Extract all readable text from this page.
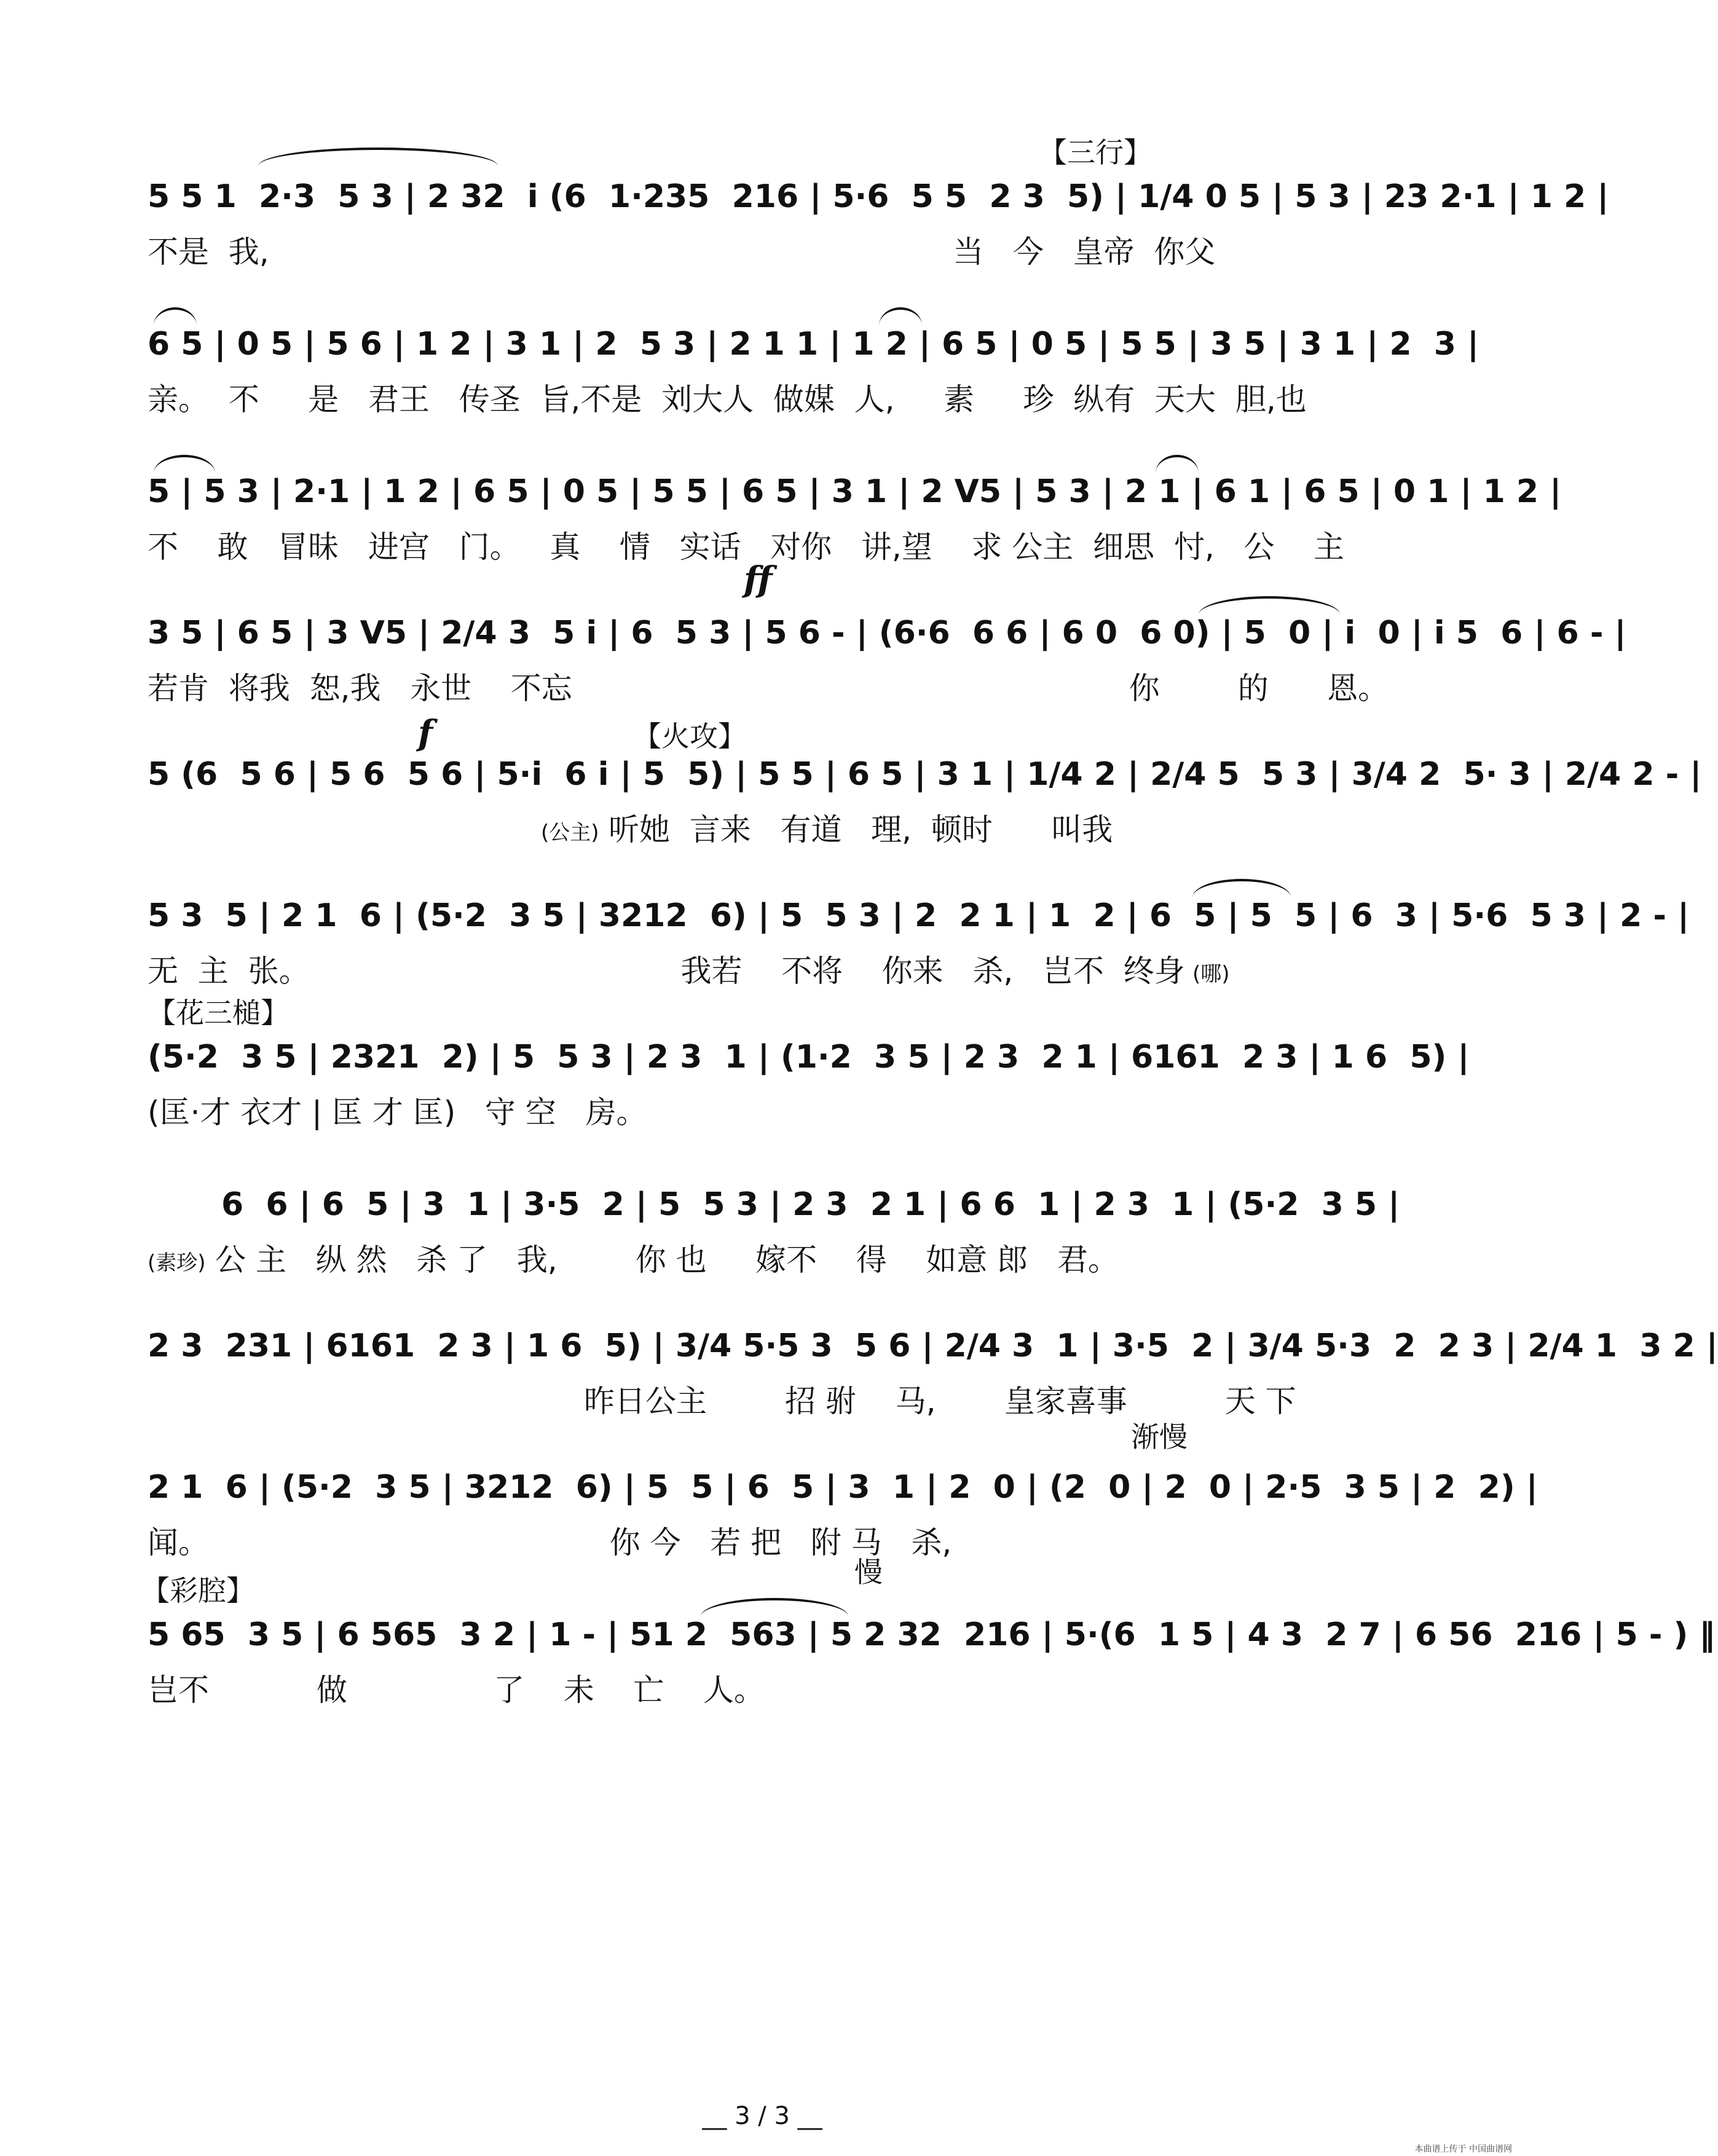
【三行】
5 5 1  2·3  5 3 | 2 32  i̇ (6  1·235  216 | 5·6  5 5  2 3  5) | 1/4 0 5 | 5 3 | 23 2·1 | 1 2 |
不是  我,                                                                      当   今   皇帝  你父
6 5 | 0 5 | 5 6 | 1 2 | 3 1 | 2  5 3 | 2 1 1 | 1 2 | 6 5 | 0 5 | 5 5 | 3 5 | 3 1 | 2  3 |
亲。  不     是   君王   传圣  旨,不是  刘大人  做媒  人,     素     珍  纵有  天大  胆,也
5 | 5 3 | 2·1 | 1 2 | 6 5 | 0 5 | 5 5 | 6 5 | 3 1 | 2 V5 | 5 3 | 2 1 | 6 1 | 6 5 | 0 1 | 1 2 |
不    敢   冒昧   进宫   门。   真    情   实话   对你   讲,望    求 公主  细思  忖,   公    主
ff
3 5 | 6 5 | 3 V5 | 2/4 3  5 i̇ | 6  5 3 | 5 6 - | (6·6  6 6 | 6 0  6 0) | 5  0 | i̇  0 | i̇ 5  6 | 6 - |
若肯  将我  恕,我   永世    不忘                                                         你        的      恩。
f	【火攻】
5 (6  5 6 | 5 6  5 6 | 5·i̇  6 i̇ | 5  5) | 5 5 | 6 5 | 3 1 | 1/4 2 | 2/4 5  5 3 | 3/4 2  5· 3 | 2/4 2 - |
(公主) 听她  言来   有道   理,  顿时      叫我
5 3  5 | 2 1  6 | (5·2  3 5 | 3212  6) | 5  5 3 | 2  2 1 | 1  2 | 6  5 | 5  5 | 6  3 | 5·6  5 3 | 2 - |
无  主  张。                                      我若    不将    你来   杀,   岂不  终身 (哪)
【花三槌】
(5·2  3 5 | 2321  2) | 5  5 3 | 2 3  1 | (1·2  3 5 | 2 3  2 1 | 6161  2 3 | 1 6  5) |
(匡·才 衣才 | 匡 才 匡)   守 空   房。
6  6 | 6  5 | 3  1 | 3·5  2 | 5  5 3 | 2 3  2 1 | 6 6  1 | 2 3  1 | (5·2  3 5 |
(素珍) 公 主   纵 然   杀 了   我,        你 也     嫁不    得    如意 郎   君。
2 3  231 | 6161  2 3 | 1 6  5) | 3/4 5·5 3  5 6 | 2/4 3  1 | 3·5  2 | 3/4 5·3  2  2 3 | 2/4 1  3 2 |
昨日公主        招 驸    马,       皇家喜事          天 下
渐慢
2 1  6 | (5·2  3 5 | 3212  6) | 5  5 | 6  5 | 3  1 | 2  0 | (2  0 | 2  0 | 2·5  3 5 | 2  2) |
闻。                                         你 今   若 把   附 马   杀,
【彩腔】
慢
5 65  3 5 | 6 565  3 2 | 1 - | 51 2  563 | 5 2 32  216 | 5·(6  1 5 | 4 3  2 7 | 6 56  216 | 5 - ) ‖
岂不           做               了    未    亡    人。
__ 3 / 3 __
本曲谱上传于 中国曲谱网
